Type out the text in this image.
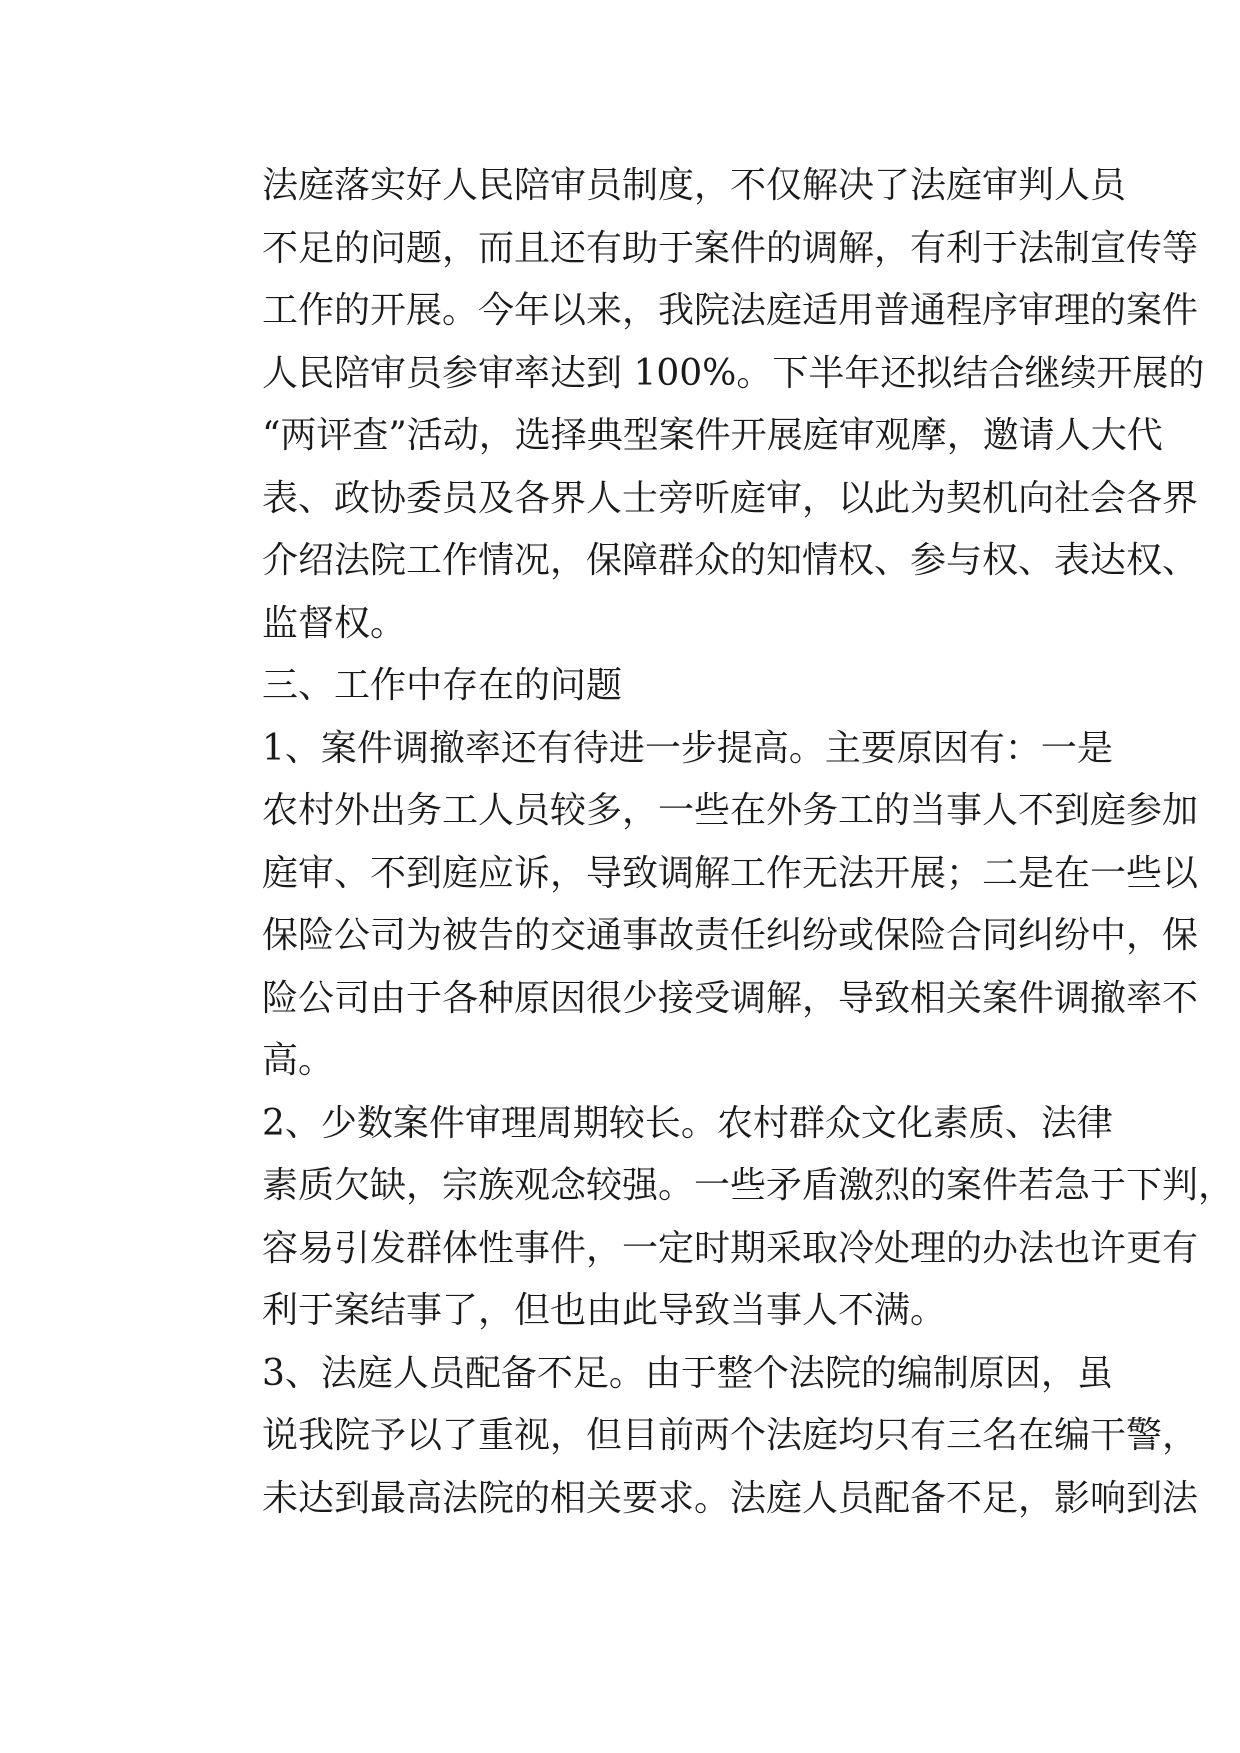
法庭落实好人民陪审员制度，不仅解决了法庭审判人员
不足的问题，而且还有助于案件的调解，有利于法制宣传等
工作的开展。今年以来，我院法庭适用普通程序审理的案件
人民陪审员参审率达到 100%。下半年还拟结合继续开展的
“两评查”活动，选择典型案件开展庭审观摩，邀请人大代
表、政协委员及各界人士旁听庭审，以此为契机向社会各界
介绍法院工作情况，保障群众的知情权、参与权、表达权、
监督权。
三、工作中存在的问题
1、案件调撤率还有待进一步提高。主要原因有：一是
农村外出务工人员较多，一些在外务工的当事人不到庭参加
庭审、不到庭应诉，导致调解工作无法开展；二是在一些以
保险公司为被告的交通事故责任纠纷或保险合同纠纷中，保
险公司由于各种原因很少接受调解，导致相关案件调撤率不
高。
2、少数案件审理周期较长。农村群众文化素质、法律
素质欠缺，宗族观念较强。一些矛盾激烈的案件若急于下判，
容易引发群体性事件，一定时期采取冷处理的办法也许更有
利于案结事了，但也由此导致当事人不满。
3、法庭人员配备不足。由于整个法院的编制原因，虽
说我院予以了重视，但目前两个法庭均只有三名在编干警，
未达到最高法院的相关要求。法庭人员配备不足，影响到法
